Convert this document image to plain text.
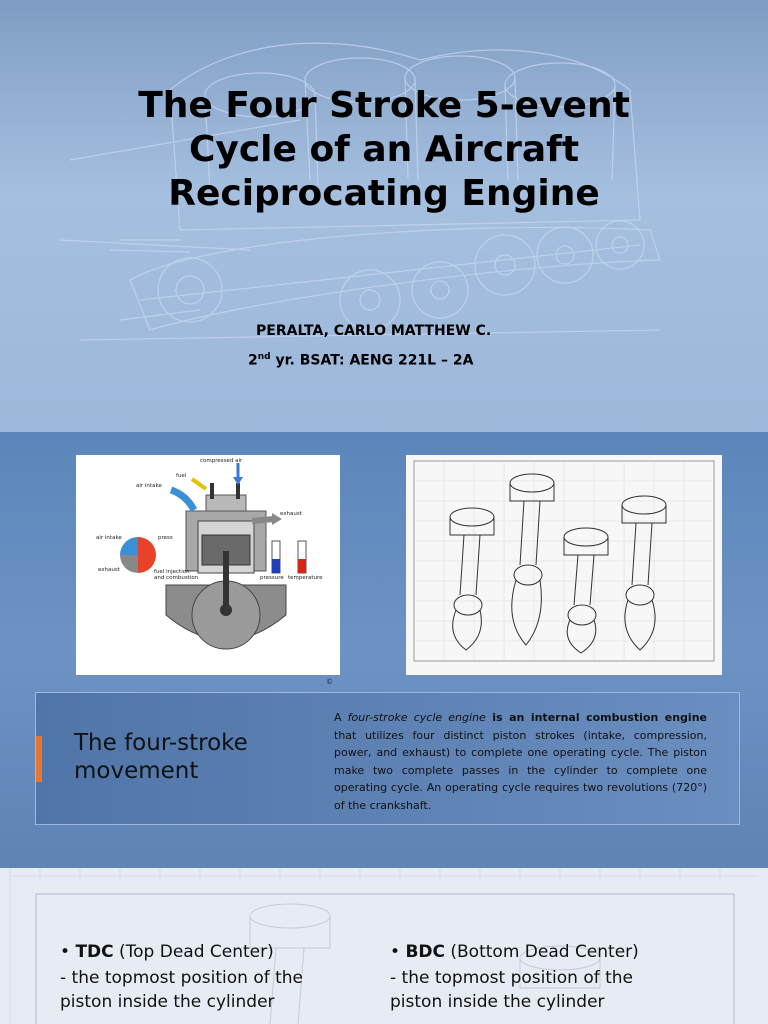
The Four Stroke 5-event
Cycle of an Aircraft
Reciprocating Engine
PERALTA, CARLO MATTHEW C.
2nd yr. BSAT: AENG 221L – 2A
compressed air
fuel
air intake
exhaust
air intake	press
exhaust	fuel injection
and combustion	pressure temperature
©
The four-stroke movement
A four-stroke cycle engine is an internal combustion engine that utilizes four distinct piston strokes (intake, compression, power, and exhaust) to complete one operating cycle. The piston make two complete passes in the cylinder to complete one operating cycle. An operating cycle requires two revolutions (720°) of the crankshaft.
• TDC (Top Dead Center)
- the topmost position of the piston inside the cylinder
• BDC (Bottom Dead Center)
- the topmost position of the piston inside the cylinder
